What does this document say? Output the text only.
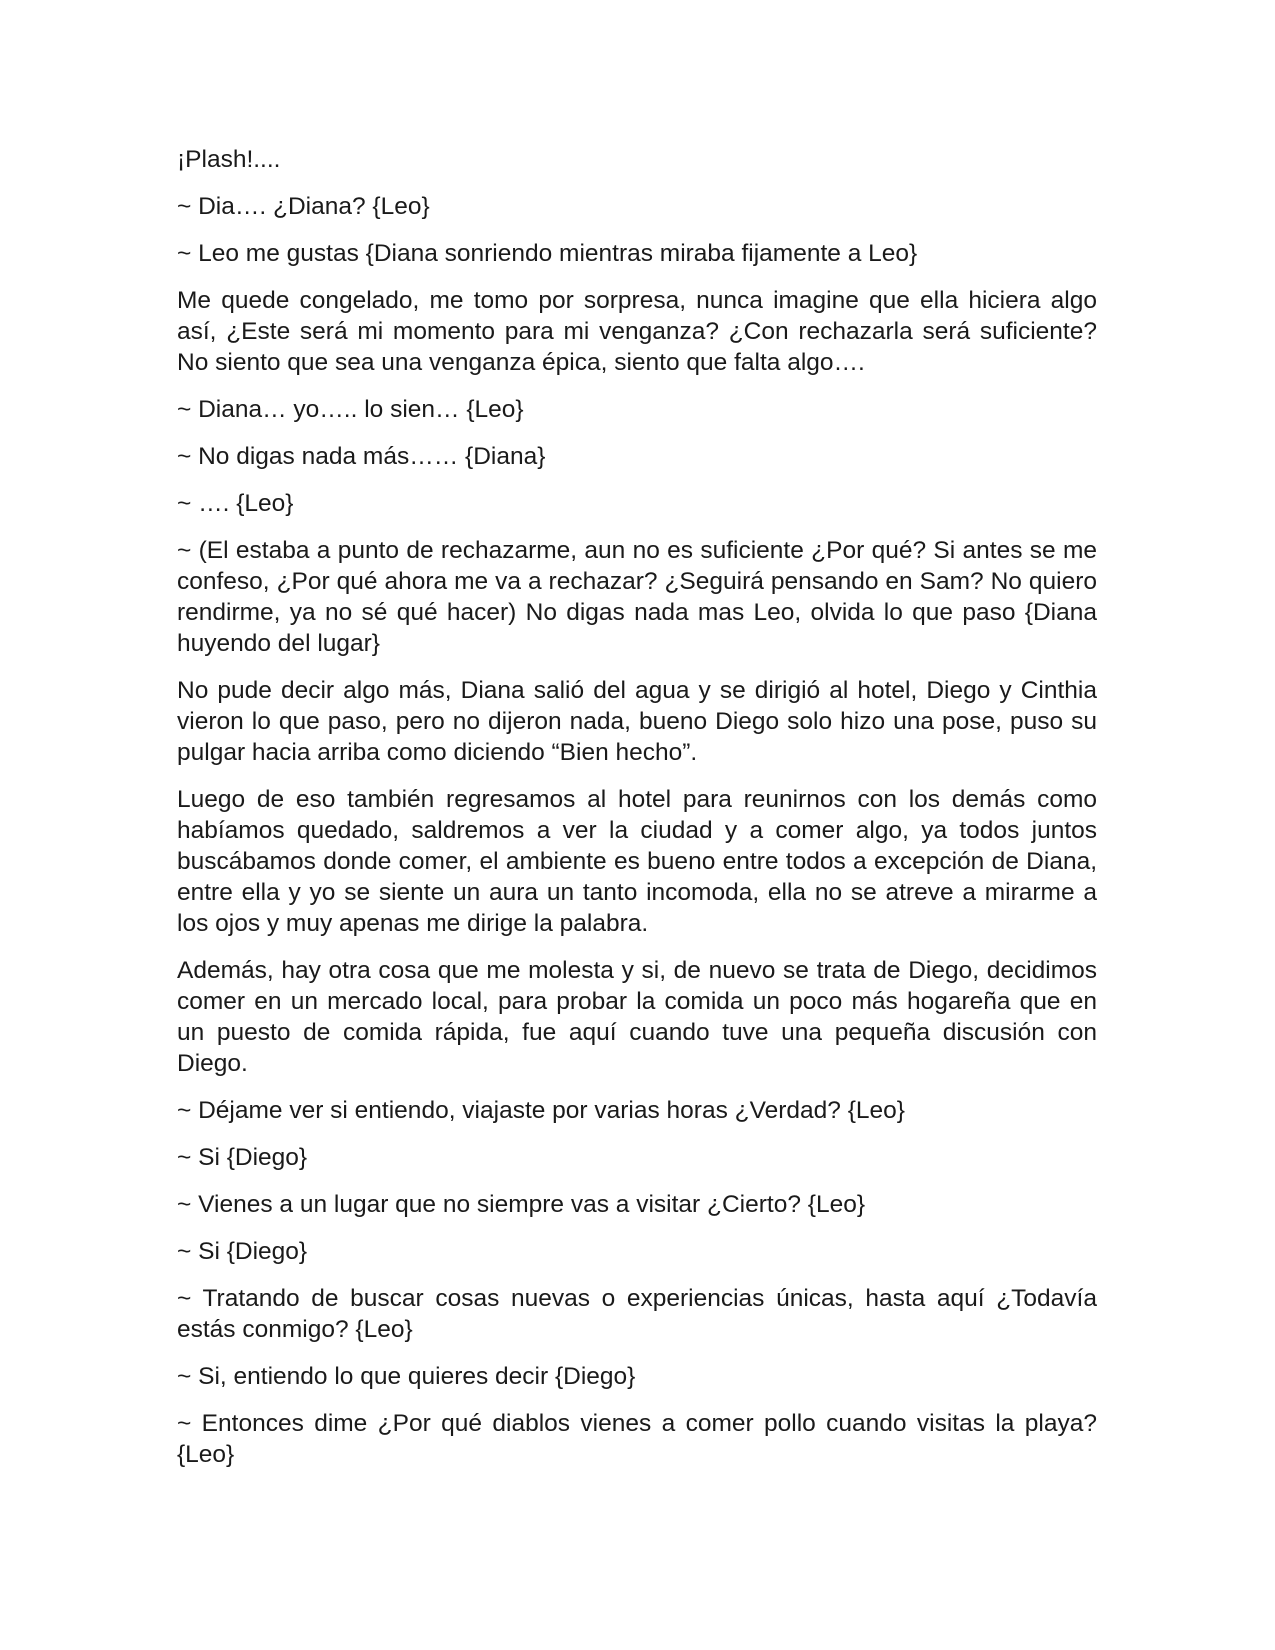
¡Plash!....

~ Dia…. ¿Diana? {Leo}

~ Leo me gustas {Diana sonriendo mientras miraba fijamente a Leo}

Me quede congelado, me tomo por sorpresa, nunca imagine que ella hiciera algo así, ¿Este será mi momento para mi venganza? ¿Con rechazarla será suficiente? No siento que sea una venganza épica, siento que falta algo….

~ Diana… yo….. lo sien… {Leo}

~ No digas nada más…… {Diana}

~ …. {Leo}

~ (El estaba a punto de rechazarme, aun no es suficiente ¿Por qué? Si antes se me confeso, ¿Por qué ahora me va a rechazar? ¿Seguirá pensando en Sam? No quiero rendirme, ya no sé qué hacer) No digas nada mas Leo, olvida lo que paso {Diana huyendo del lugar}

No pude decir algo más, Diana salió del agua y se dirigió al hotel, Diego y Cinthia vieron lo que paso, pero no dijeron nada, bueno Diego solo hizo una pose, puso su pulgar hacia arriba como diciendo “Bien hecho”.

Luego de eso también regresamos al hotel para reunirnos con los demás como habíamos quedado, saldremos a ver la ciudad y a comer algo, ya todos juntos buscábamos donde comer, el ambiente es bueno entre todos a excepción de Diana, entre ella y yo se siente un aura un tanto incomoda, ella no se atreve a mirarme a los ojos y muy apenas me dirige la palabra.

Además, hay otra cosa que me molesta y si, de nuevo se trata de Diego, decidimos comer en un mercado local, para probar la comida un poco más hogareña que en un puesto de comida rápida, fue aquí cuando tuve una pequeña discusión con Diego.

~ Déjame ver si entiendo, viajaste por varias horas ¿Verdad? {Leo}

~ Si {Diego}

~ Vienes a un lugar que no siempre vas a visitar ¿Cierto? {Leo}

~ Si {Diego}

~ Tratando de buscar cosas nuevas o experiencias únicas, hasta aquí ¿Todavía estás conmigo? {Leo}

~ Si, entiendo lo que quieres decir {Diego}

~ Entonces dime ¿Por qué diablos vienes a comer pollo cuando visitas la playa? {Leo}
